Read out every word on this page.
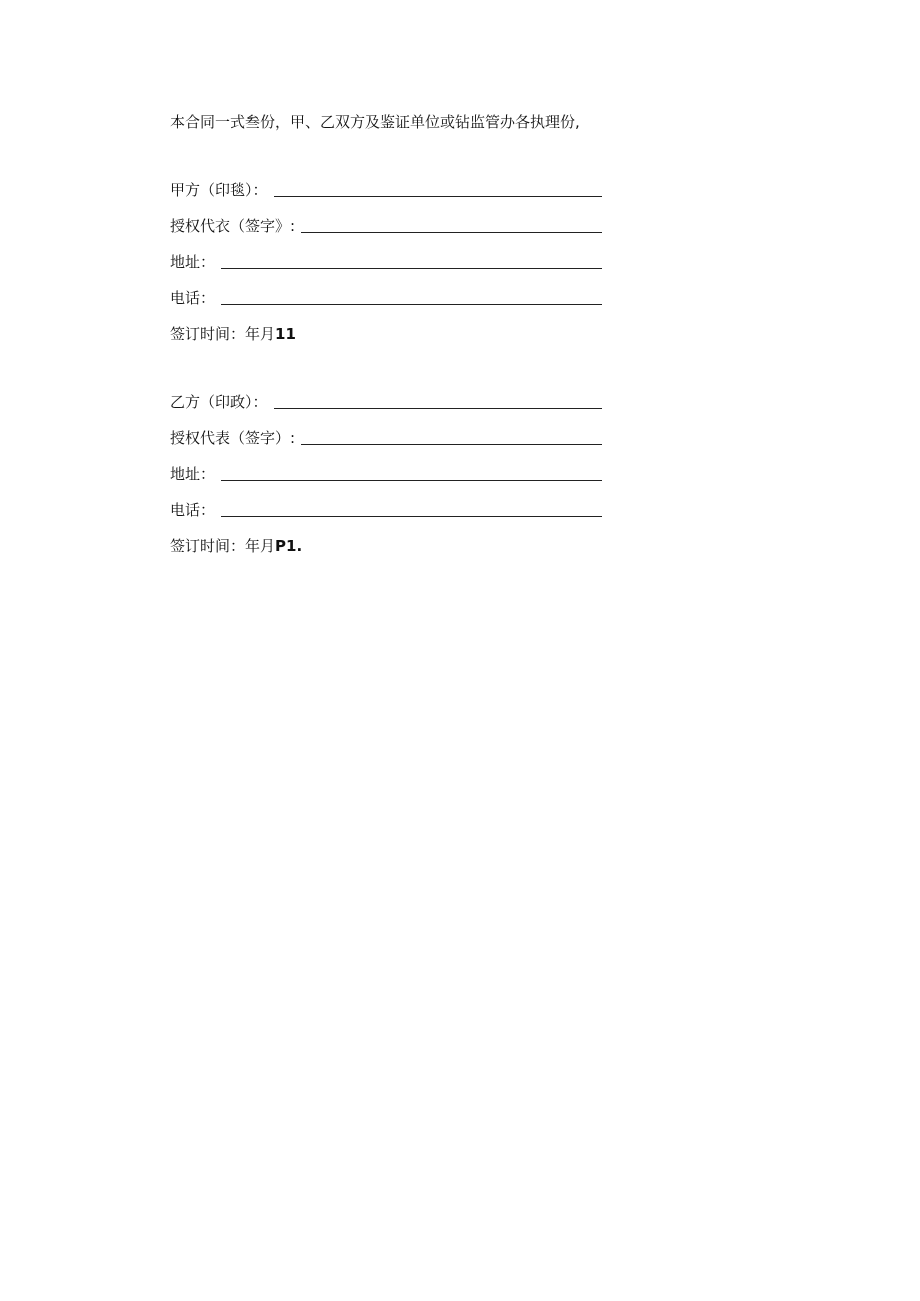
本合同一式叁份，甲、乙双方及鉴证单位或钻监管办各执理份,
甲方（印毯）：
授权代衣（签字》:
地址：
电话：
签订时间：年月11
乙方（印政）：
授权代表（签字）:
地址：
电话：
签订时间：年月P1.
